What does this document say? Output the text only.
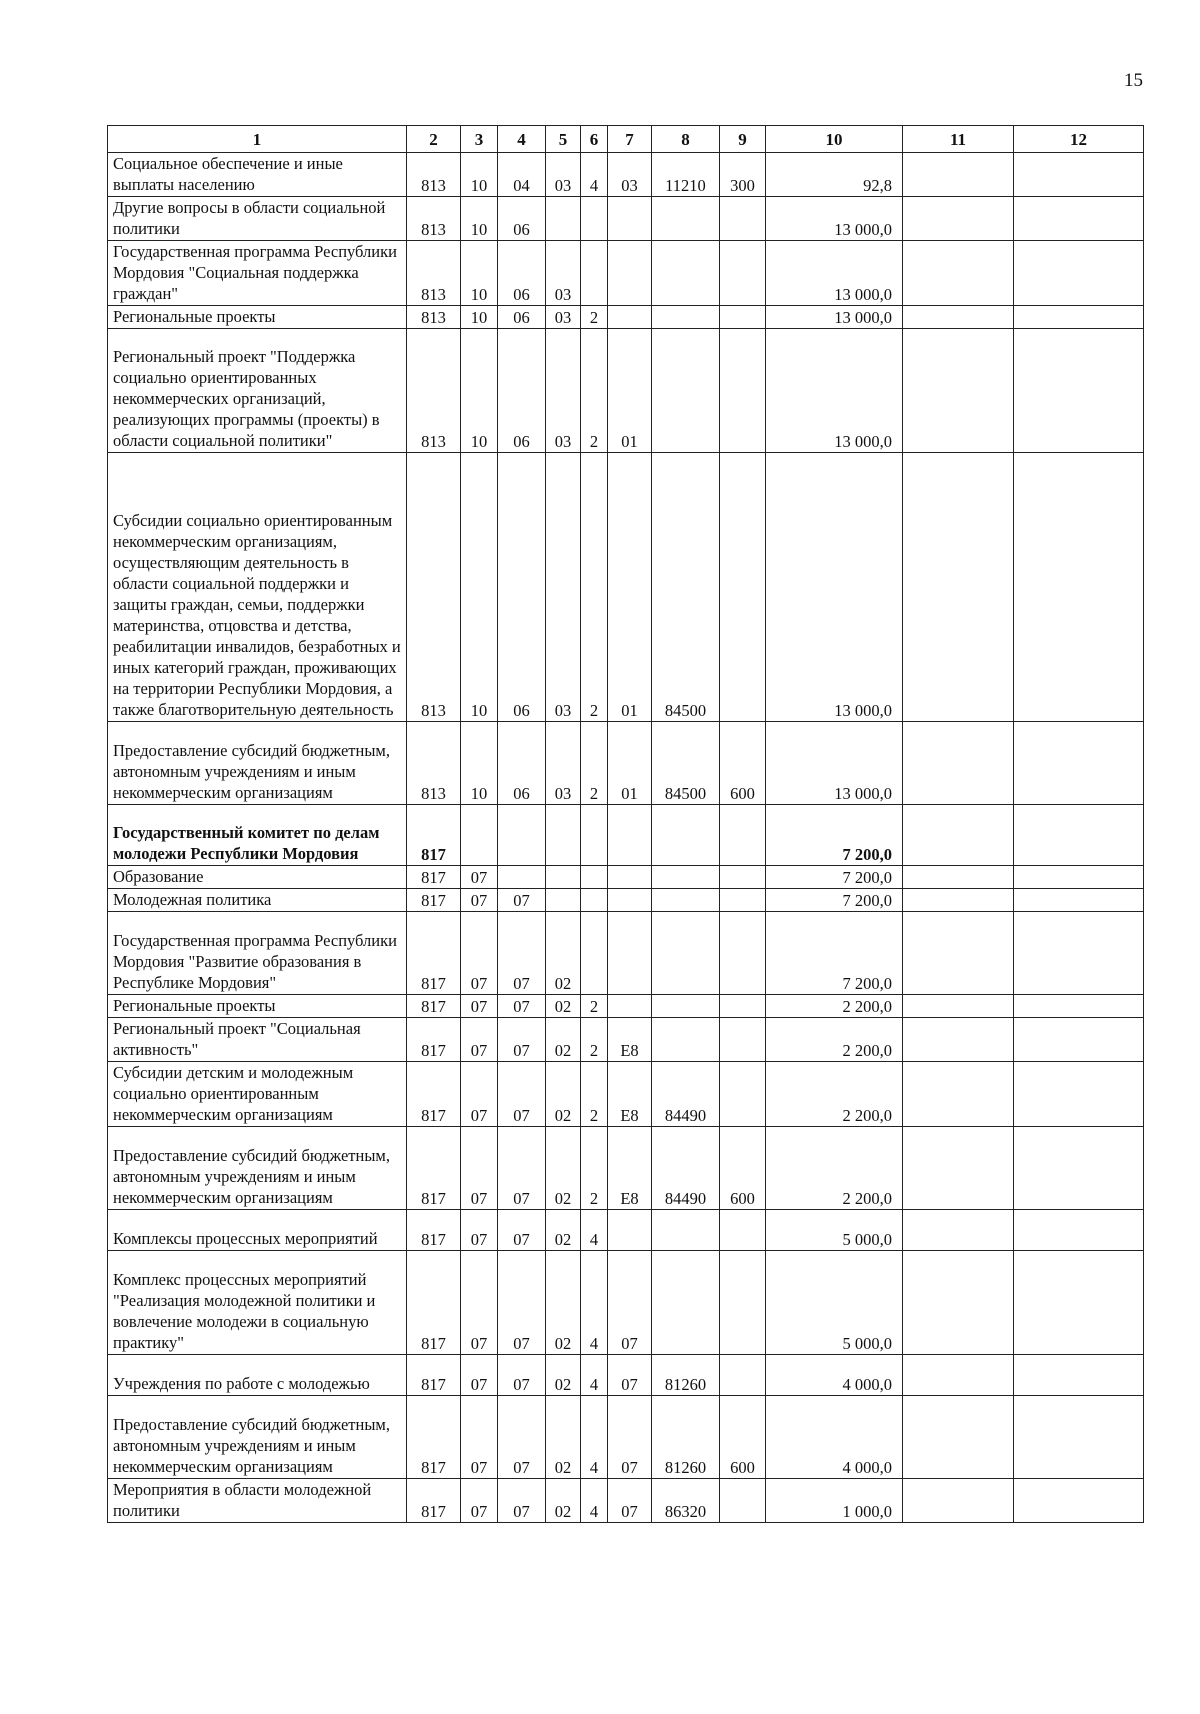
15
1	2	3	4	5	6	7	8	9	10	11	12
Социальное обеспечение и иные выплаты населению	813	10	04	03	4	03	11210	300	92,8		
Другие вопросы в области социальной политики	813	10	06						13 000,0		
Государственная программа Республики Мордовия "Социальная поддержка граждан"	813	10	06	03					13 000,0		
Региональные проекты	813	10	06	03	2				13 000,0		
Региональный проект "Поддержка социально ориентированных некоммерческих организаций, реализующих программы (проекты) в области социальной политики"	813	10	06	03	2	01			13 000,0		
Субсидии социально ориентированным некоммерческим организациям, осуществляющим деятельность в области социальной поддержки и защиты граждан, семьи, поддержки материнства, отцовства и детства, реабилитации инвалидов, безработных и иных категорий граждан, проживающих на территории Республики Мордовия, а также благотворительную деятельность	813	10	06	03	2	01	84500		13 000,0		
Предоставление субсидий бюджетным, автономным учреждениям и иным некоммерческим организациям	813	10	06	03	2	01	84500	600	13 000,0		
Государственный комитет по делам молодежи Республики Мордовия	817								7 200,0		
Образование	817	07							7 200,0		
Молодежная политика	817	07	07						7 200,0		
Государственная программа Республики Мордовия "Развитие образования в Республике Мордовия"	817	07	07	02					7 200,0		
Региональные проекты	817	07	07	02	2				2 200,0		
Региональный проект "Социальная активность"	817	07	07	02	2	E8			2 200,0		
Субсидии детским и молодежным социально ориентированным некоммерческим организациям	817	07	07	02	2	E8	84490		2 200,0		
Предоставление субсидий бюджетным, автономным учреждениям и иным некоммерческим организациям	817	07	07	02	2	E8	84490	600	2 200,0		
Комплексы процессных мероприятий	817	07	07	02	4				5 000,0		
Комплекс процессных мероприятий "Реализация молодежной политики и вовлечение молодежи в социальную практику"	817	07	07	02	4	07			5 000,0		
Учреждения по работе с молодежью	817	07	07	02	4	07	81260		4 000,0		
Предоставление субсидий бюджетным, автономным учреждениям и иным некоммерческим организациям	817	07	07	02	4	07	81260	600	4 000,0		
Мероприятия в области молодежной политики	817	07	07	02	4	07	86320		1 000,0		
